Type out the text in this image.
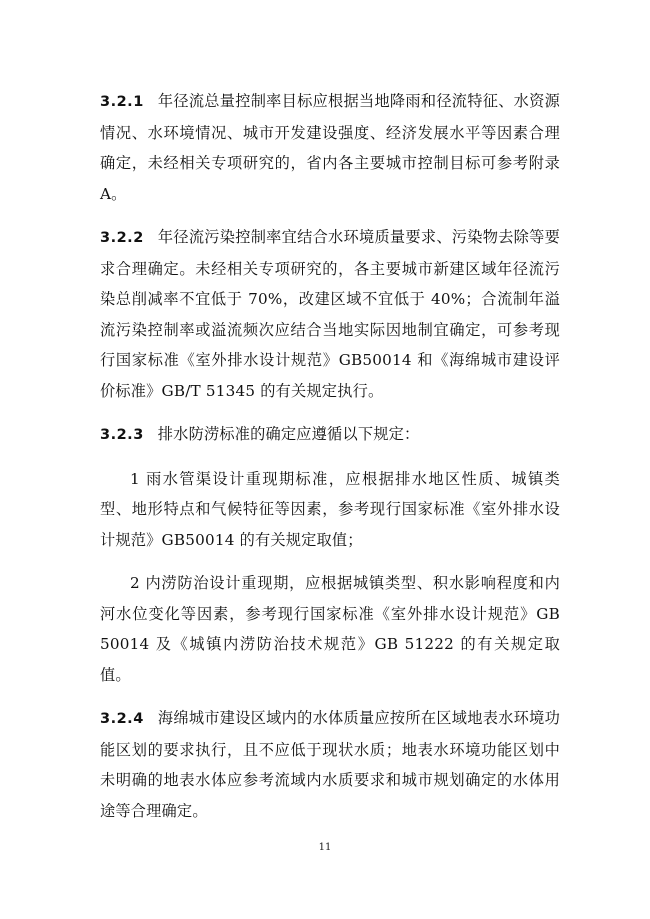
3.2.1 年径流总量控制率目标应根据当地降雨和径流特征、水资源情况、水环境情况、城市开发建设强度、经济发展水平等因素合理确定，未经相关专项研究的，省内各主要城市控制目标可参考附录 A。

3.2.2 年径流污染控制率宜结合水环境质量要求、污染物去除等要求合理确定。未经相关专项研究的，各主要城市新建区域年径流污染总削减率不宜低于 70%，改建区域不宜低于 40%；合流制年溢流污染控制率或溢流频次应结合当地实际因地制宜确定，可参考现行国家标准《室外排水设计规范》GB50014 和《海绵城市建设评价标准》GB/T 51345 的有关规定执行。

3.2.3 排水防涝标准的确定应遵循以下规定：

1 雨水管渠设计重现期标准，应根据排水地区性质、城镇类型、地形特点和气候特征等因素，参考现行国家标准《室外排水设计规范》GB50014 的有关规定取值；

2 内涝防治设计重现期，应根据城镇类型、积水影响程度和内河水位变化等因素，参考现行国家标准《室外排水设计规范》GB 50014 及《城镇内涝防治技术规范》GB 51222 的有关规定取值。

3.2.4 海绵城市建设区域内的水体质量应按所在区域地表水环境功能区划的要求执行，且不应低于现状水质；地表水环境功能区划中未明确的地表水体应参考流域内水质要求和城市规划确定的水体用途等合理确定。

11
